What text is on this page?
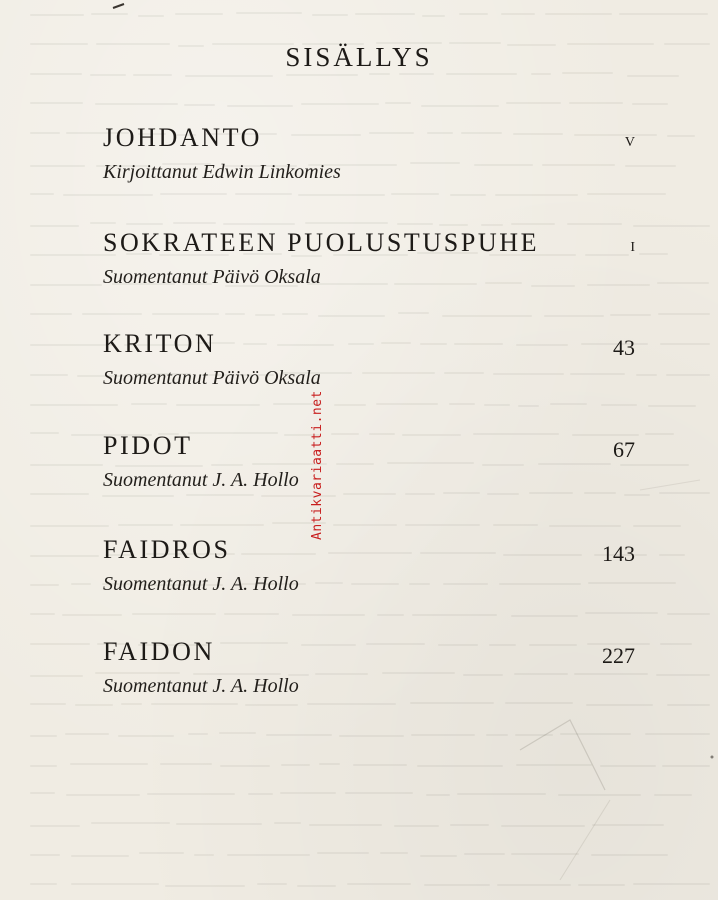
SISÄLLYS
JOHDANTO
Kirjoittanut Edwin Linkomies
v
SOKRATEEN PUOLUSTUSPUHE
Suomentanut Päivö Oksala
i
KRITON
Suomentanut Päivö Oksala
43
PIDOT
Suomentanut J. A. Hollo
67
FAIDROS
Suomentanut J. A. Hollo
143
FAIDON
Suomentanut J. A. Hollo
227
Antikvariaatti.net
